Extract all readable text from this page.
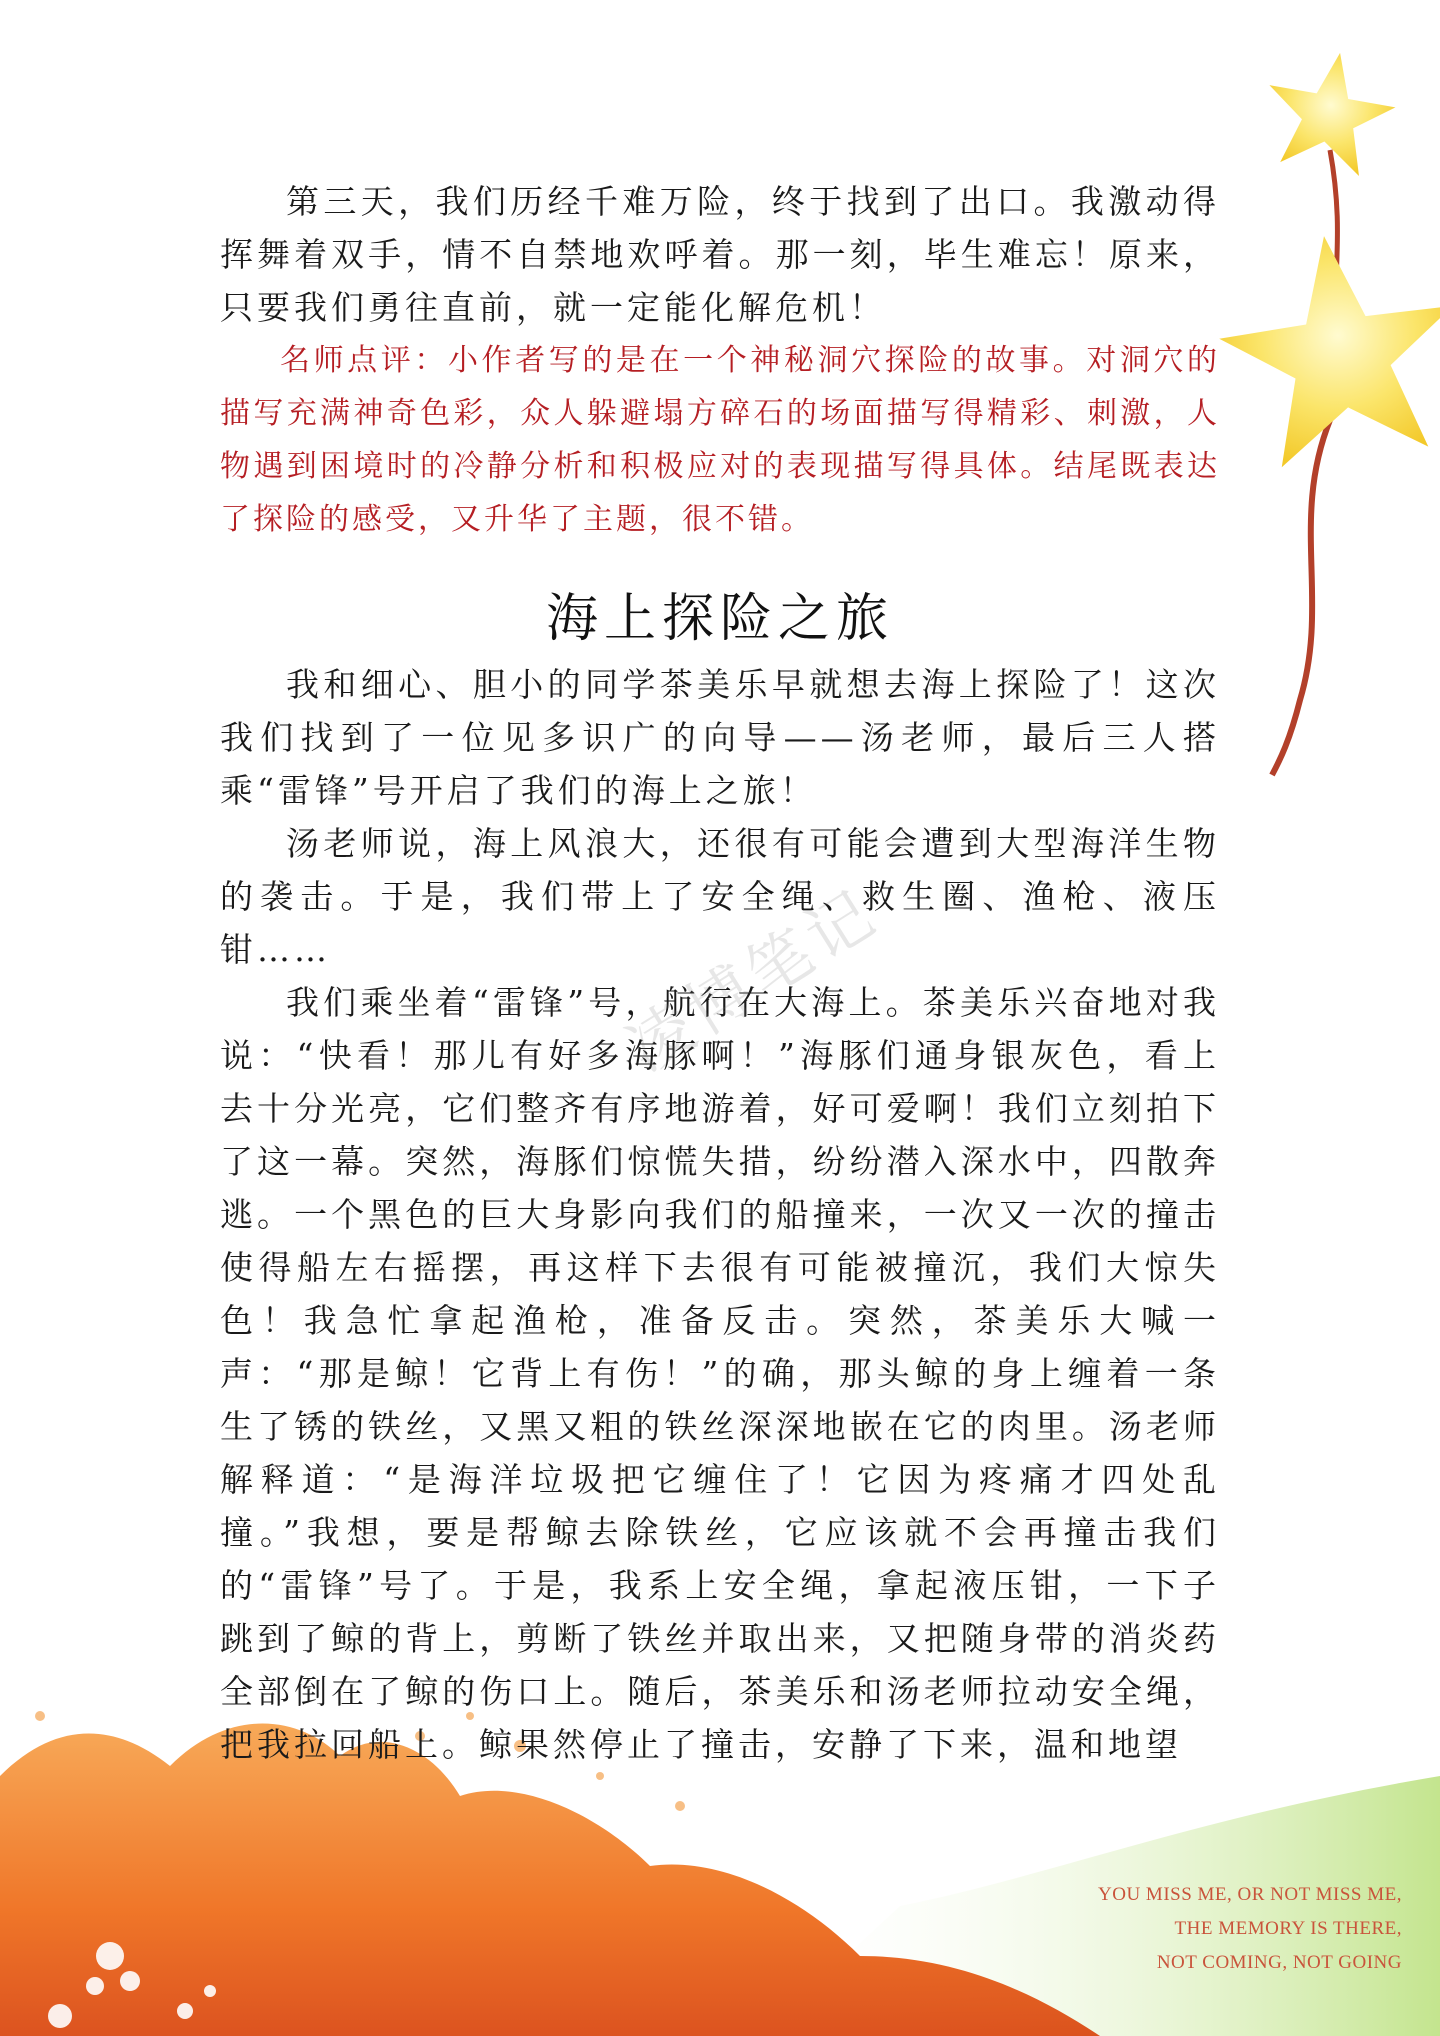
第三天，我们历经千难万险，终于找到了出口。我激动得挥舞着双手，情不自禁地欢呼着。那一刻，毕生难忘！原来，只要我们勇往直前，就一定能化解危机！

名师点评：小作者写的是在一个神秘洞穴探险的故事。对洞穴的描写充满神奇色彩，众人躲避塌方碎石的场面描写得精彩、刺激，人物遇到困境时的冷静分析和积极应对的表现描写得具体。结尾既表达了探险的感受，又升华了主题，很不错。

海上探险之旅

我和细心、胆小的同学茶美乐早就想去海上探险了！这次我们找到了一位见多识广的向导——汤老师，最后三人搭乘“雷锋”号开启了我们的海上之旅！

汤老师说，海上风浪大，还很有可能会遭到大型海洋生物的袭击。于是，我们带上了安全绳、救生圈、渔枪、液压钳……

我们乘坐着“雷锋”号，航行在大海上。茶美乐兴奋地对我说：“快看！那儿有好多海豚啊！”海豚们通身银灰色，看上去十分光亮，它们整齐有序地游着，好可爱啊！我们立刻拍下了这一幕。突然，海豚们惊慌失措，纷纷潜入深水中，四散奔逃。一个黑色的巨大身影向我们的船撞来，一次又一次的撞击使得船左右摇摆，再这样下去很有可能被撞沉，我们大惊失色！我急忙拿起渔枪，准备反击。突然，茶美乐大喊一声：“那是鲸！它背上有伤！”的确，那头鲸的身上缠着一条生了锈的铁丝，又黑又粗的铁丝深深地嵌在它的肉里。汤老师解释道：“是海洋垃圾把它缠住了！它因为疼痛才四处乱撞。”我想，要是帮鲸去除铁丝，它应该就不会再撞击我们的“雷锋”号了。于是，我系上安全绳，拿起液压钳，一下子跳到了鲸的背上，剪断了铁丝并取出来，又把随身带的消炎药全部倒在了鲸的伤口上。随后，茶美乐和汤老师拉动安全绳，把我拉回船上。鲸果然停止了撞击，安静了下来，温和地望

凌博笔记
YOU MISS ME, OR NOT MISS ME,
THE MEMORY IS THERE,
NOT COMING, NOT GOING
